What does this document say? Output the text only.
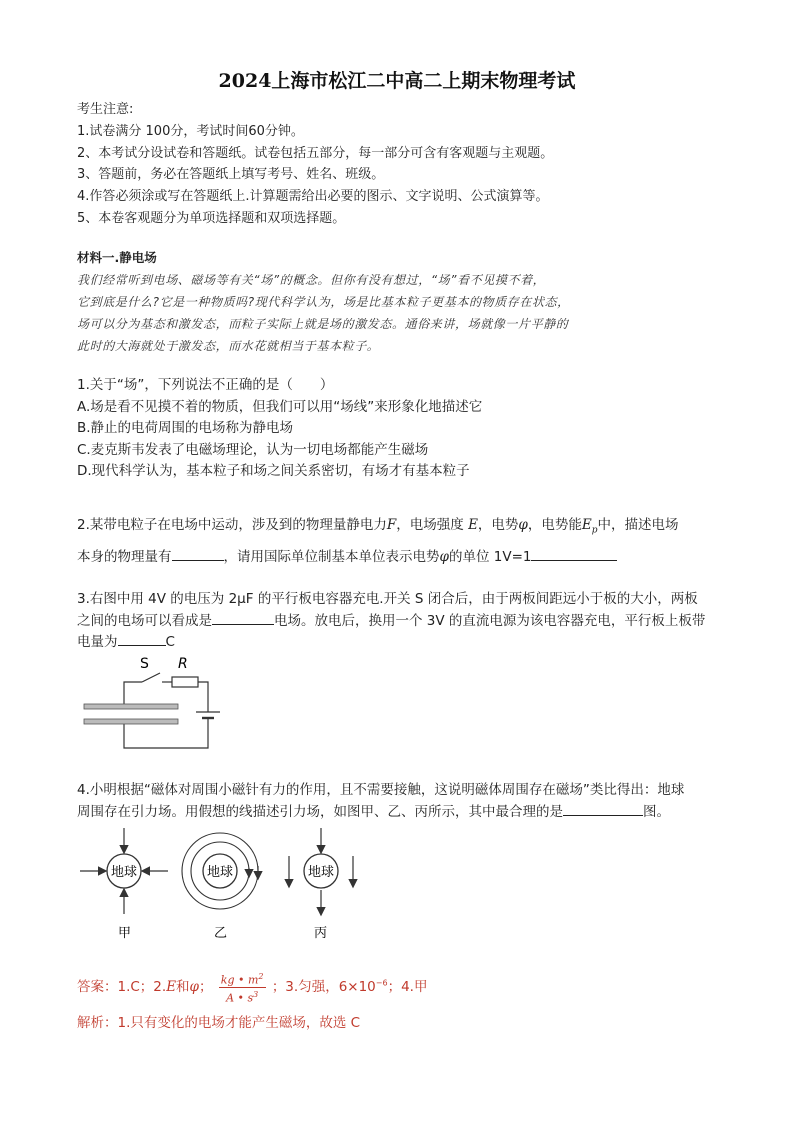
2024上海市松江二中高二上期末物理考试
考生注意:
1.试卷满分 100分，考试时间60分钟。
2、本考试分设试卷和答题纸。试卷包括五部分，每一部分可含有客观题与主观题。
3、答题前，务必在答题纸上填写考号、姓名、班级。
4.作答必须涂或写在答题纸上.计算题需给出必要的图示、文字说明、公式演算等。
5、本卷客观题分为单项选择题和双项选择题。
材料一.静电场
我们经常听到电场、磁场等有关“场”的概念。但你有没有想过，“场”看不见摸不着，
它到底是什么?它是一种物质吗?现代科学认为，场是比基本粒子更基本的物质存在状态，
场可以分为基态和激发态，而粒子实际上就是场的激发态。通俗来讲，场就像一片平静的
此时的大海就处于激发态，而水花就相当于基本粒子。
1.关于“场”，下列说法不正确的是（　　）
A.场是看不见摸不着的物质，但我们可以用“场线”来形象化地描述它
B.静止的电荷周围的电场称为静电场
C.麦克斯韦发表了电磁场理论，认为一切电场都能产生磁场
D.现代科学认为，基本粒子和场之间关系密切，有场才有基本粒子
2.某带电粒子在电场中运动，涉及到的物理量静电力F，电场强度 E，电势φ，电势能$E_p$中，描述电场
本身的物理量有	，请用国际单位制基本单位表示电势φ的单位 1V=1
3.右图中用 4V 的电压为 2μF 的平行板电容器充电.开关 S 闭合后，由于两板间距远小于板的大小，两板
之间的电场可以看成是	电场。放电后，换用一个 3V 的直流电源为该电容器充电，平行板上板带
电量为	C
S R
4.小明根据“磁体对周围小磁针有力的作用，且不需要接触，这说明磁体周围存在磁场”类比得出：地球
周围存在引力场。用假想的线描述引力场，如图甲、乙、丙所示，其中最合理的是	图。
地球
甲
地球
乙
地球
丙
答案：1.C；2.E和φ； $\frac{kg • m^2}{A • s^3}$ ；3.匀强，$6\times 10^{-6}$；4.甲
解析：1.只有变化的电场才能产生磁场，故选 C
